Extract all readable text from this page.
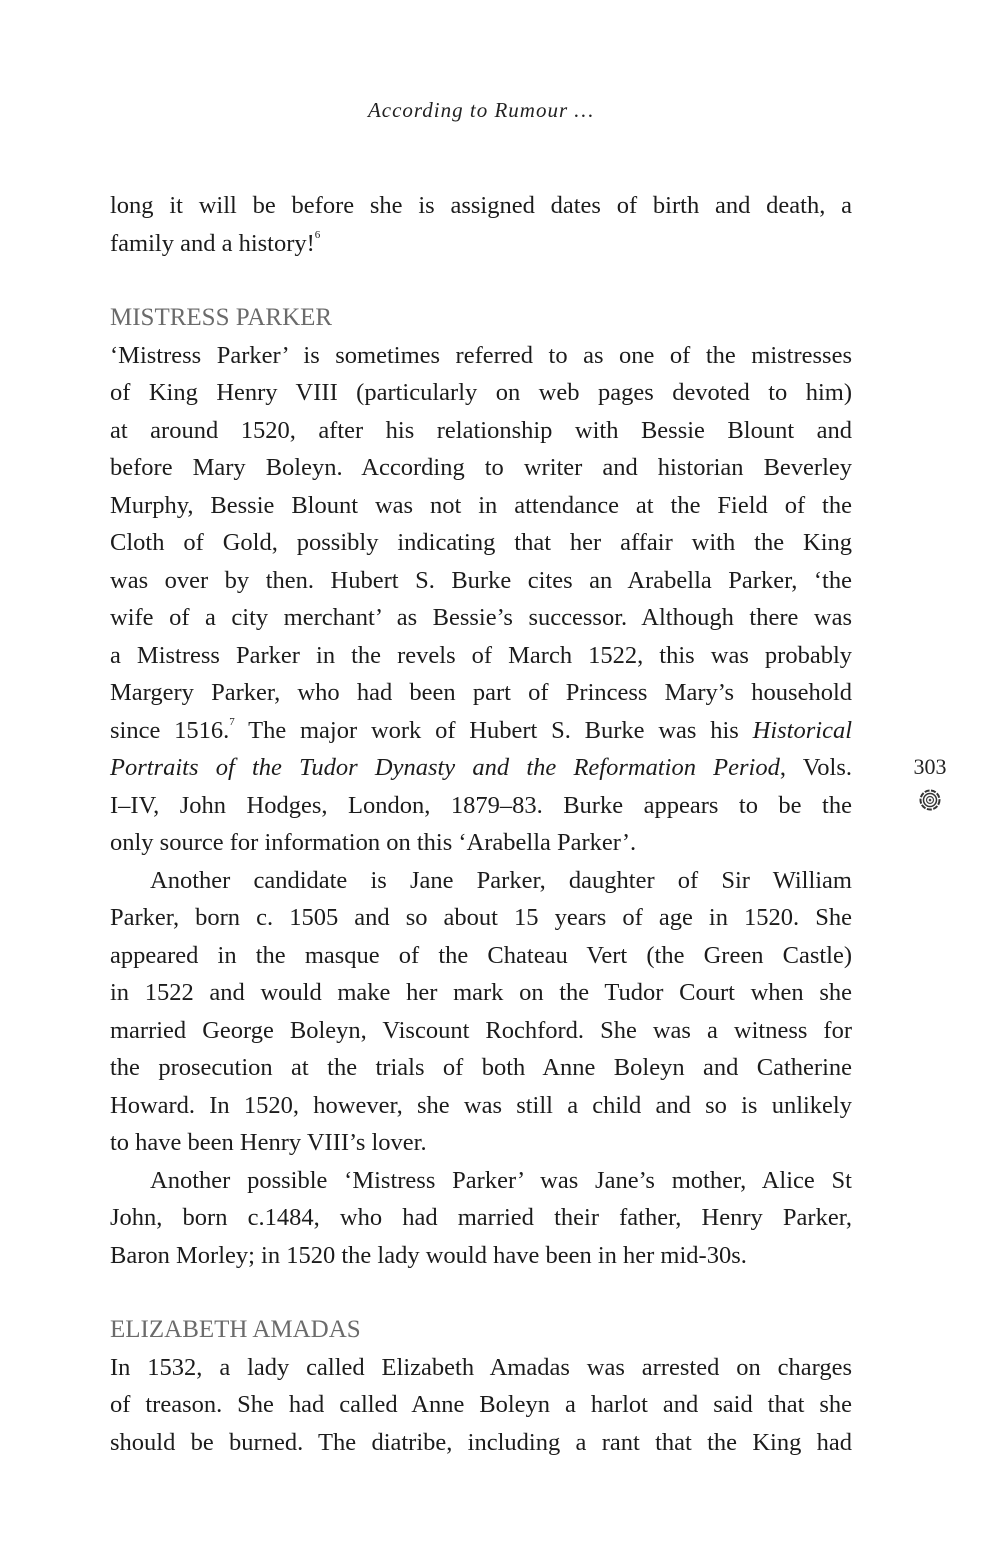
According to Rumour …
long it will be before she is assigned dates of birth and death, a
family and a history!$^6$
MISTRESS PARKER
‘Mistress Parker’ is sometimes referred to as one of the mistresses
of King Henry VIII (particularly on web pages devoted to him)
at around 1520, after his relationship with Bessie Blount and
before Mary Boleyn. According to writer and historian Beverley
Murphy, Bessie Blount was not in attendance at the Field of the
Cloth of Gold, possibly indicating that her affair with the King
was over by then. Hubert S. Burke cites an Arabella Parker, ‘the
wife of a city merchant’ as Bessie’s successor. Although there was
a Mistress Parker in the revels of March 1522, this was probably
Margery Parker, who had been part of Princess Mary’s household
since 1516.$^7$ The major work of Hubert S. Burke was his Historical
Portraits of the Tudor Dynasty and the Reformation Period, Vols.
I–IV, John Hodges, London, 1879–83. Burke appears to be the
only source for information on this ‘Arabella Parker’.
Another candidate is Jane Parker, daughter of Sir William
Parker, born c. 1505 and so about 15 years of age in 1520. She
appeared in the masque of the Chateau Vert (the Green Castle)
in 1522 and would make her mark on the Tudor Court when she
married George Boleyn, Viscount Rochford. She was a witness for
the prosecution at the trials of both Anne Boleyn and Catherine
Howard. In 1520, however, she was still a child and so is unlikely
to have been Henry VIII’s lover.
Another possible ‘Mistress Parker’ was Jane’s mother, Alice St
John, born c.1484, who had married their father, Henry Parker,
Baron Morley; in 1520 the lady would have been in her mid-30s.
ELIZABETH AMADAS
In 1532, a lady called Elizabeth Amadas was arrested on charges
of treason. She had called Anne Boleyn a harlot and said that she
should be burned. The diatribe, including a rant that the King had
303
